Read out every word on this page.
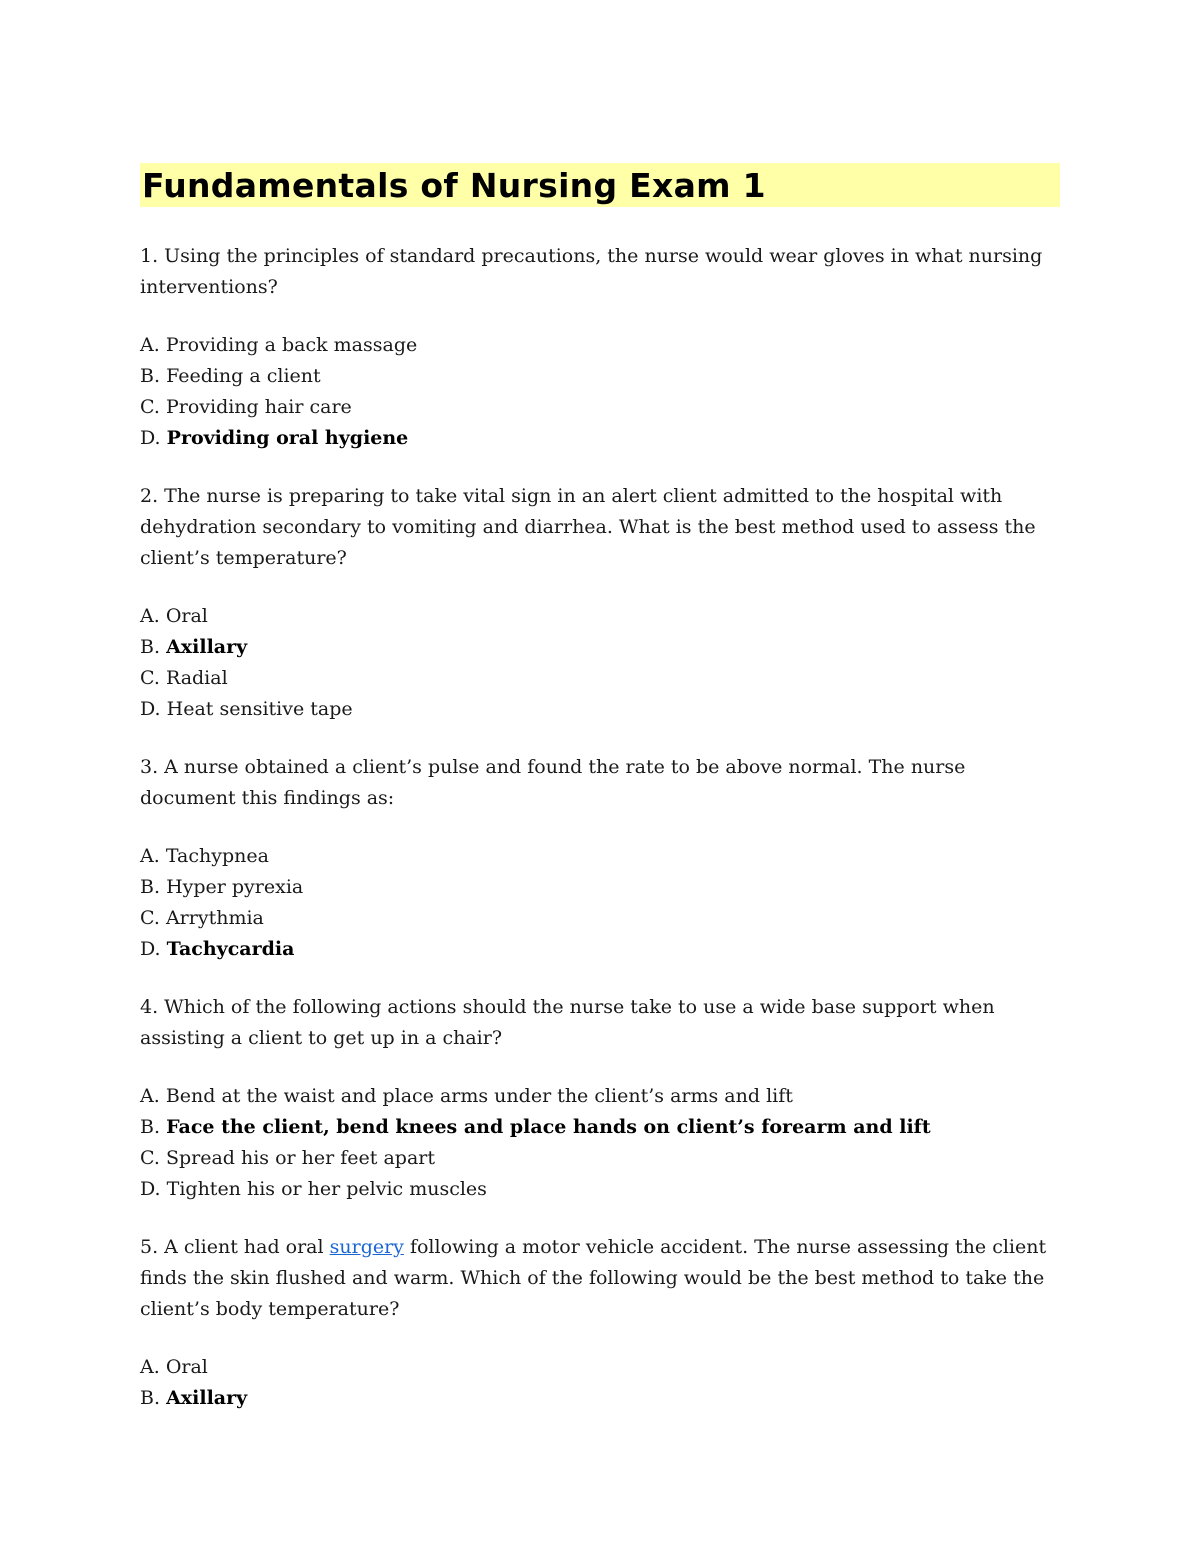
Fundamentals of Nursing Exam 1

1. Using the principles of standard precautions, the nurse would wear gloves in what nursing interventions?

A. Providing a back massage
B. Feeding a client
C. Providing hair care
D. Providing oral hygiene

2. The nurse is preparing to take vital sign in an alert client admitted to the hospital with dehydration secondary to vomiting and diarrhea. What is the best method used to assess the client’s temperature?

A. Oral
B. Axillary
C. Radial
D. Heat sensitive tape

3. A nurse obtained a client’s pulse and found the rate to be above normal. The nurse document this findings as:

A. Tachypnea
B. Hyper pyrexia
C. Arrythmia
D. Tachycardia

4. Which of the following actions should the nurse take to use a wide base support when assisting a client to get up in a chair?

A. Bend at the waist and place arms under the client’s arms and lift
B. Face the client, bend knees and place hands on client’s forearm and lift
C. Spread his or her feet apart
D. Tighten his or her pelvic muscles

5. A client had oral surgery following a motor vehicle accident. The nurse assessing the client finds the skin flushed and warm. Which of the following would be the best method to take the client’s body temperature?

A. Oral
B. Axillary
